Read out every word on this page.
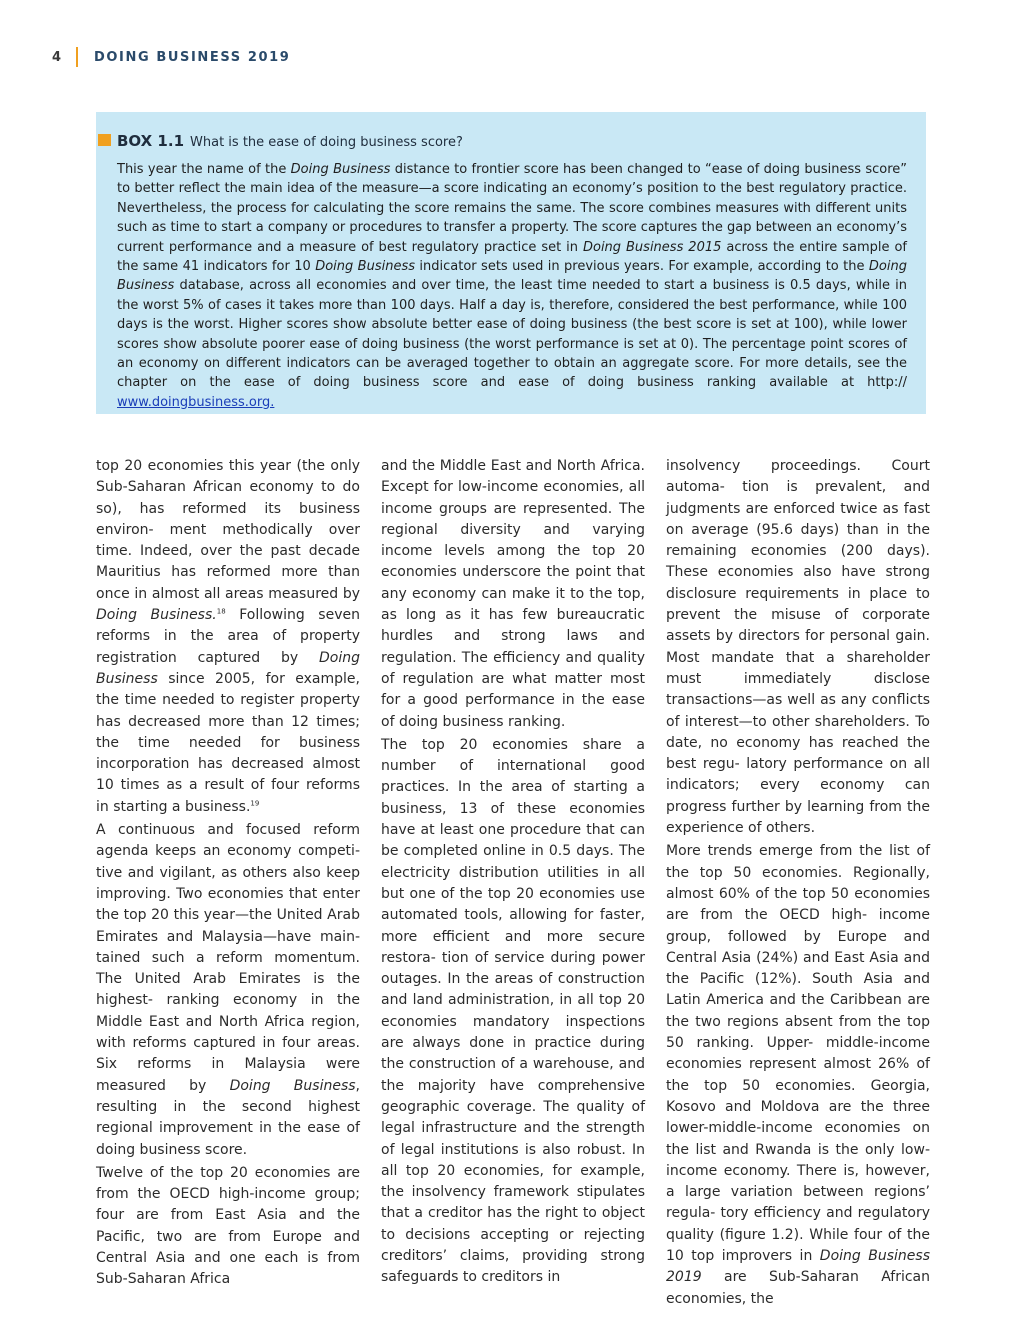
4	DOING BUSINESS 2019
BOX 1.1 What is the ease of doing business score?

This year the name of the Doing Business distance to frontier score has been changed to “ease of doing business score” to better reflect the main idea of the measure—a score indicating an economy’s position to the best regulatory practice. Nevertheless, the process for calculating the score remains the same. The score combines measures with different units such as time to start a company or procedures to transfer a property. The score captures the gap between an economy’s current performance and a measure of best regulatory practice set in Doing Business 2015 across the entire sample of the same 41 indicators for 10 Doing Business indicator sets used in previous years. For example, according to the Doing Business database, across all economies and over time, the least time needed to start a business is 0.5 days, while in the worst 5% of cases it takes more than 100 days. Half a day is, therefore, considered the best performance, while 100 days is the worst. Higher scores show absolute better ease of doing business (the best score is set at 100), while lower scores show absolute poorer ease of doing business (the worst performance is set at 0). The percentage point scores of an economy on different indicators can be averaged together to obtain an aggregate score. For more details, see the chapter on the ease of doing business score and ease of doing business ranking available at http:// www.doingbusiness.org.

top 20 economies this year (the only Sub-Saharan African economy to do so), has reformed its business environ- ment methodically over time. Indeed, over the past decade Mauritius has reformed more than once in almost all areas measured by Doing Business.$^{18}$ Following seven reforms in the area of property registration captured by Doing Business since 2005, for example, the time needed to register property has decreased more than 12 times; the time needed for business incorporation has decreased almost 10 times as a result of four reforms in starting a business.$^{19}$

A continuous and focused reform agenda keeps an economy competi- tive and vigilant, as others also keep improving. Two economies that enter the top 20 this year—the United Arab Emirates and Malaysia—have main- tained such a reform momentum. The United Arab Emirates is the highest- ranking economy in the Middle East and North Africa region, with reforms captured in four areas. Six reforms in Malaysia were measured by Doing Business, resulting in the second highest regional improvement in the ease of doing business score.

Twelve of the top 20 economies are from the OECD high-income group; four are from East Asia and the Pacific, two are from Europe and Central Asia and one each is from Sub-Saharan Africa

and the Middle East and North Africa. Except for low-income economies, all income groups are represented. The regional diversity and varying income levels among the top 20 economies underscore the point that any economy can make it to the top, as long as it has few bureaucratic hurdles and strong laws and regulation. The efficiency and quality of regulation are what matter most for a good performance in the ease of doing business ranking.

The top 20 economies share a number of international good practices. In the area of starting a business, 13 of these economies have at least one procedure that can be completed online in 0.5 days. The electricity distribution utilities in all but one of the top 20 economies use automated tools, allowing for faster, more efficient and more secure restora- tion of service during power outages. In the areas of construction and land administration, in all top 20 economies mandatory inspections are always done in practice during the construction of a warehouse, and the majority have comprehensive geographic coverage. The quality of legal infrastructure and the strength of legal institutions is also robust. In all top 20 economies, for example, the insolvency framework stipulates that a creditor has the right to object to decisions accepting or rejecting creditors’ claims, providing strong safeguards to creditors in

insolvency proceedings. Court automa- tion is prevalent, and judgments are enforced twice as fast on average (95.6 days) than in the remaining economies (200 days). These economies also have strong disclosure requirements in place to prevent the misuse of corporate assets by directors for personal gain. Most mandate that a shareholder must immediately disclose transactions—as well as any conflicts of interest—to other shareholders. To date, no economy has reached the best regu- latory performance on all indicators; every economy can progress further by learning from the experience of others.

More trends emerge from the list of the top 50 economies. Regionally, almost 60% of the top 50 economies are from the OECD high- income group, followed by Europe and Central Asia (24%) and East Asia and the Pacific (12%). South Asia and Latin America and the Caribbean are the two regions absent from the top 50 ranking. Upper- middle-income economies represent almost 26% of the top 50 economies. Georgia, Kosovo and Moldova are the three lower-middle-income economies on the list and Rwanda is the only low- income economy. There is, however, a large variation between regions’ regula- tory efficiency and regulatory quality (figure 1.2). While four of the 10 top improvers in Doing Business 2019 are Sub-Saharan African economies, the
